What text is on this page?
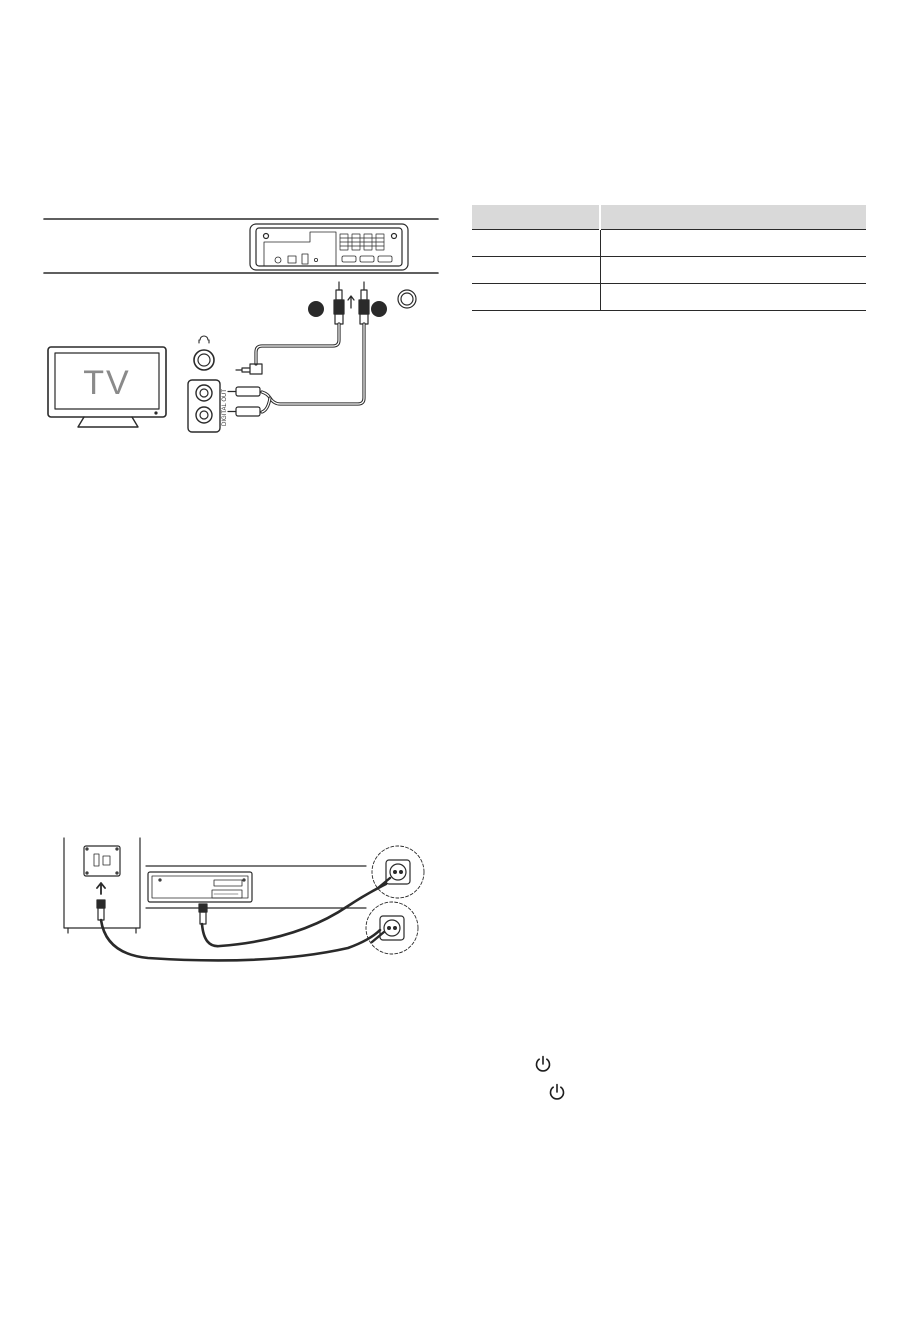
DIGITAL OUT
TV
